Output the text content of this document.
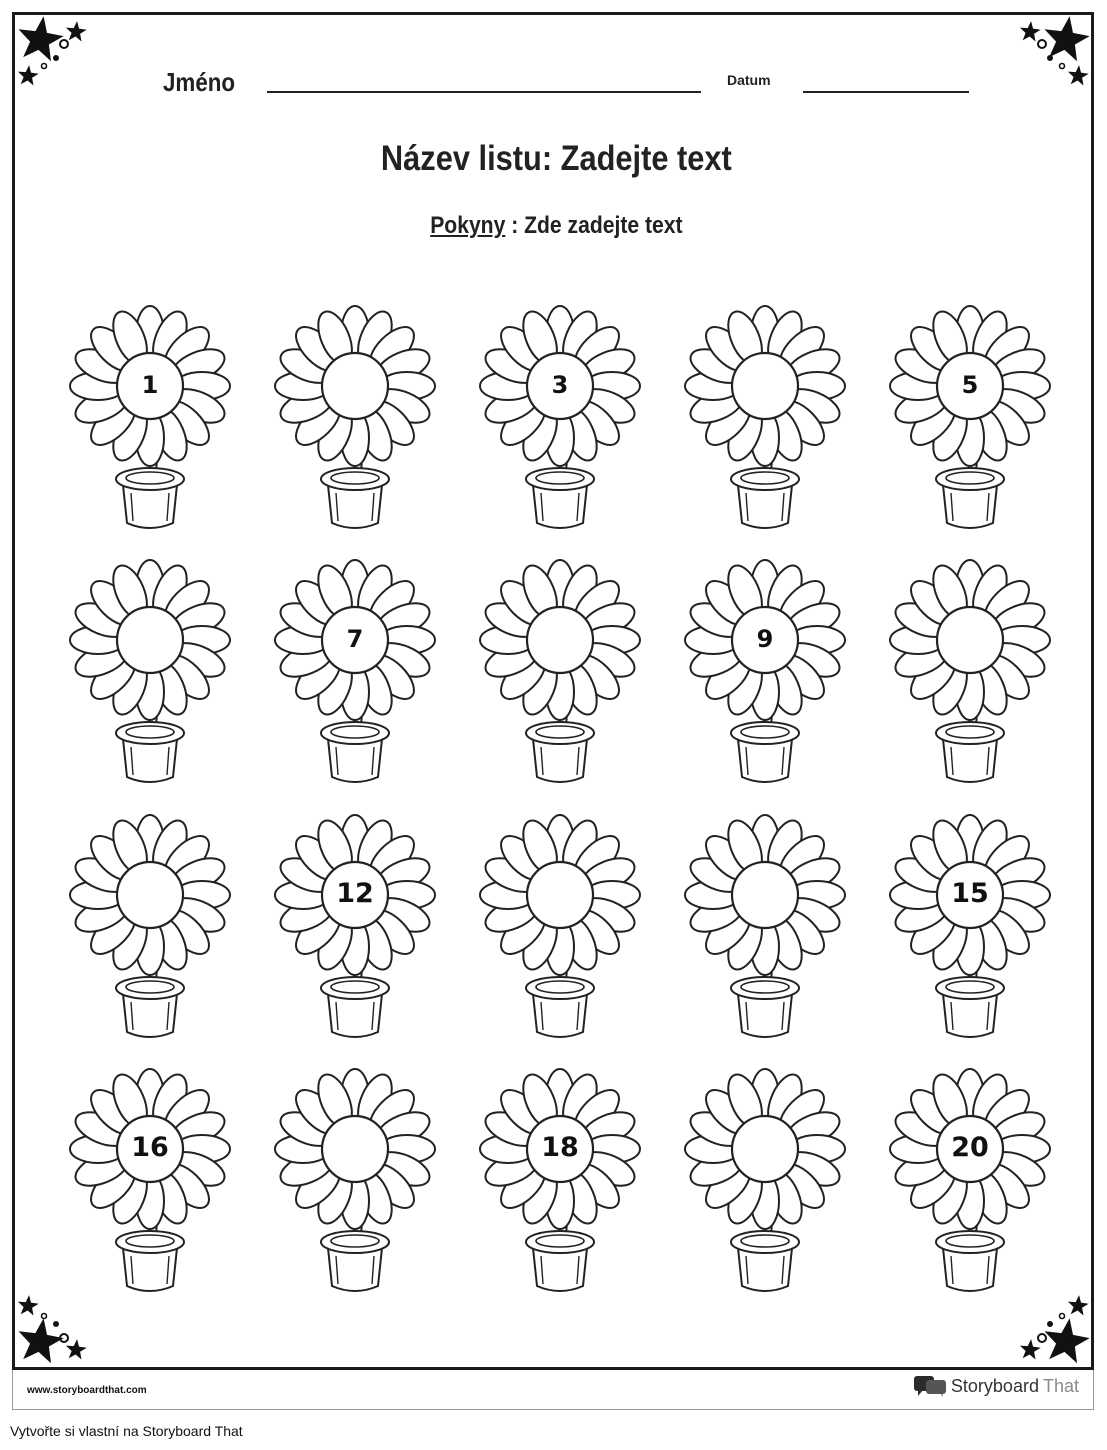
Jméno	Datum
Název listu: Zadejte text
Pokyny : Zde zadejte text
1	3	5
7	9
12	15
16	18	20
www.storyboardthat.com	Storyboard That
Vytvořte si vlastní na Storyboard That
